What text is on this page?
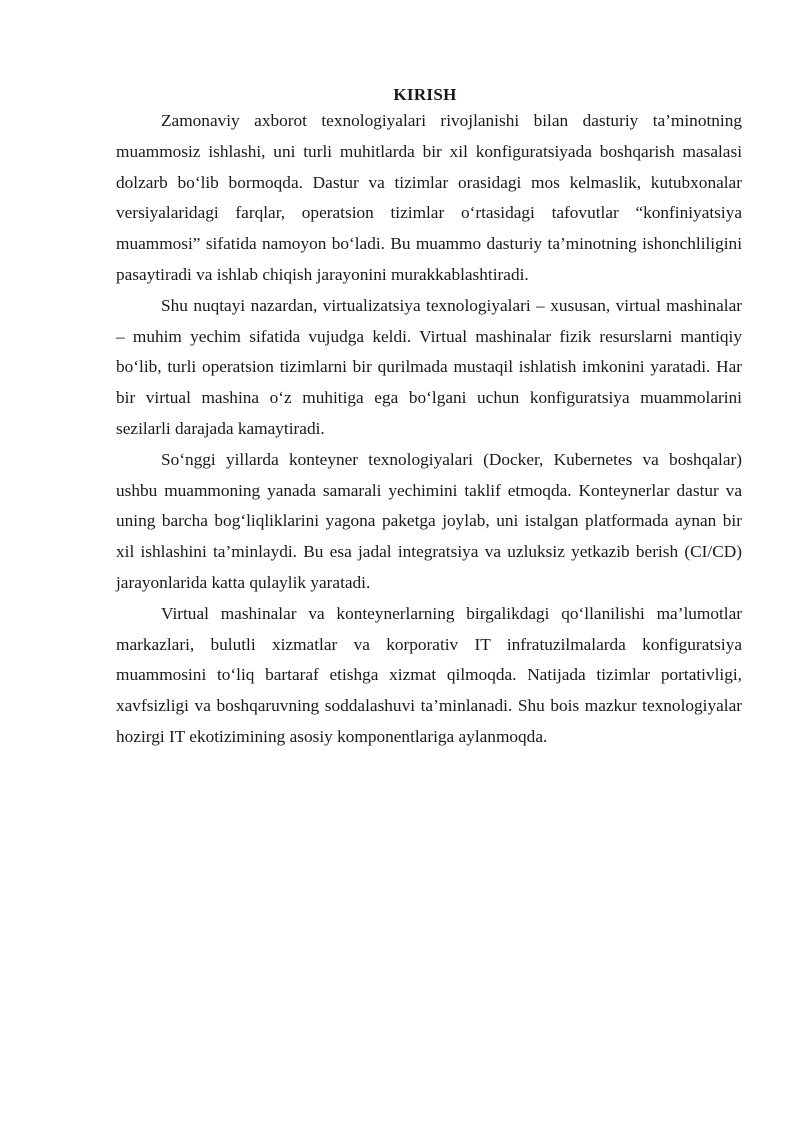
KIRISH

Zamonaviy axborot texnologiyalari rivojlanishi bilan dasturiy ta’minotning muammosiz ishlashi, uni turli muhitlarda bir xil konfiguratsiyada boshqarish masalasi dolzarb bo‘lib bormoqda. Dastur va tizimlar orasidagi mos kelmaslik, kutubxonalar versiyalaridagi farqlar, operatsion tizimlar o‘rtasidagi tafovutlar “konfiniyatsiya muammosi” sifatida namoyon bo‘ladi. Bu muammo dasturiy ta’minotning ishonchliligini pasaytiradi va ishlab chiqish jarayonini murakkablashtiradi.

Shu nuqtayi nazardan, virtualizatsiya texnologiyalari – xususan, virtual mashinalar – muhim yechim sifatida vujudga keldi. Virtual mashinalar fizik resurslarni mantiqiy bo‘lib, turli operatsion tizimlarni bir qurilmada mustaqil ishlatish imkonini yaratadi. Har bir virtual mashina o‘z muhitiga ega bo‘lgani uchun konfiguratsiya muammolarini sezilarli darajada kamaytiradi.

So‘nggi yillarda konteyner texnologiyalari (Docker, Kubernetes va boshqalar) ushbu muammoning yanada samarali yechimini taklif etmoqda. Konteynerlar dastur va uning barcha bog‘liqliklarini yagona paketga joylab, uni istalgan platformada aynan bir xil ishlashini ta’minlaydi. Bu esa jadal integratsiya va uzluksiz yetkazib berish (CI/CD) jarayonlarida katta qulaylik yaratadi.

Virtual mashinalar va konteynerlarning birgalikdagi qo‘llanilishi ma’lumotlar markazlari, bulutli xizmatlar va korporativ IT infratuzilmalarda konfiguratsiya muammosini to‘liq bartaraf etishga xizmat qilmoqda. Natijada tizimlar portativligi, xavfsizligi va boshqaruvning soddalashuvi ta’minlanadi. Shu bois mazkur texnologiyalar hozirgi IT ekotizimining asosiy komponentlariga aylanmoqda.
